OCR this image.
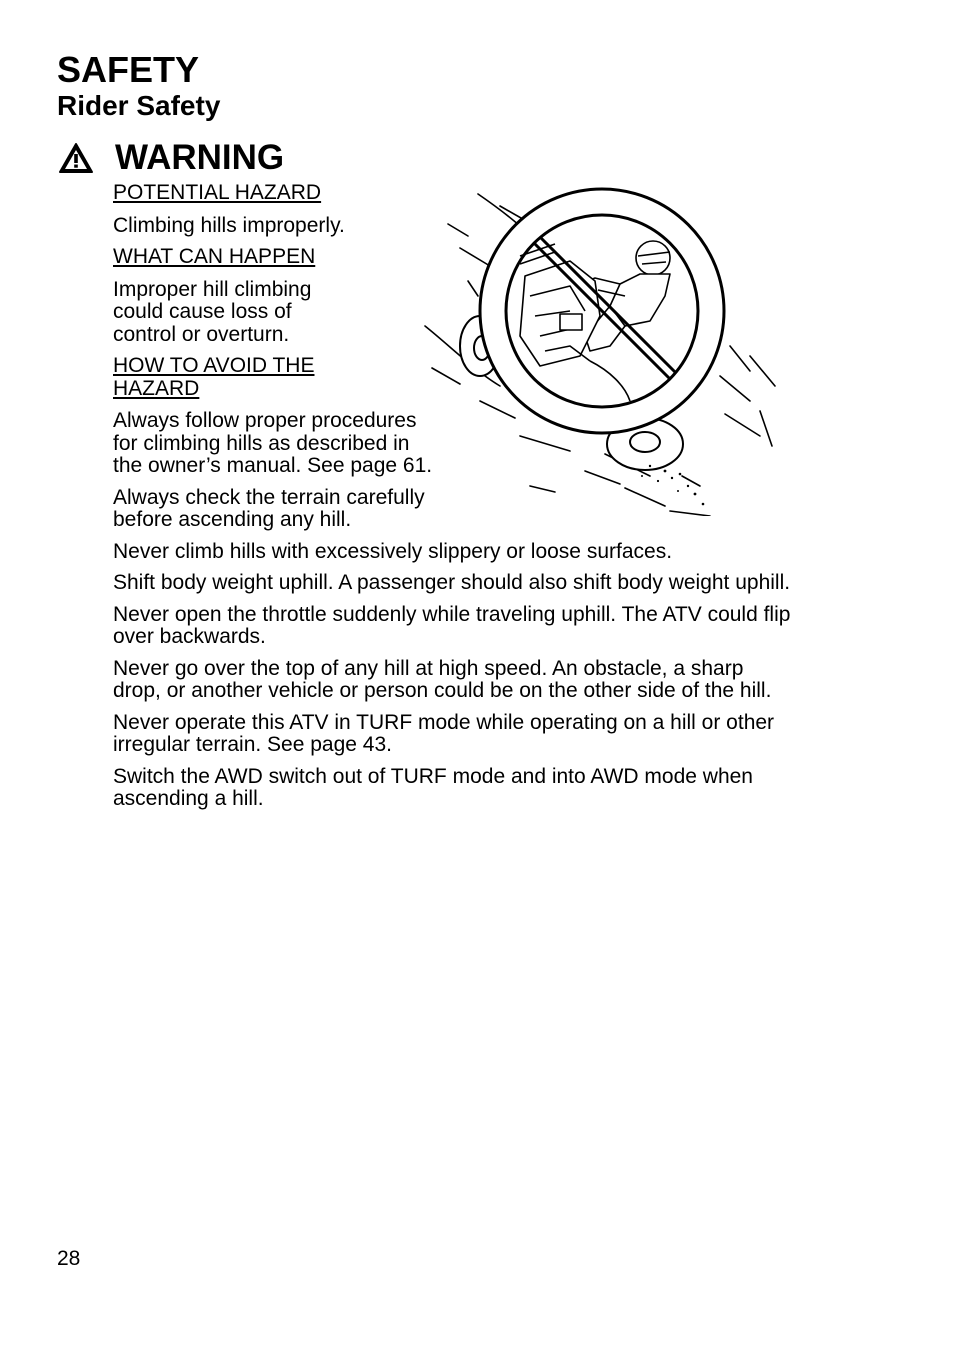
SAFETY
Rider Safety
WARNING

POTENTIAL HAZARD

Climbing hills improperly.

WHAT CAN HAPPEN

Improper hill climbing could cause loss of control or overturn.

HOW TO AVOID THE HAZARD

Always follow proper procedures for climbing hills as described in the owner’s manual. See page 61.

Always check the terrain carefully before ascending any hill.

Never climb hills with excessively slippery or loose surfaces.

Shift body weight uphill. A passenger should also shift body weight uphill.

Never open the throttle suddenly while traveling uphill. The ATV could flip over backwards.

Never go over the top of any hill at high speed. An obstacle, a sharp drop, or another vehicle or person could be on the other side of the hill.

Never operate this ATV in TURF mode while operating on a hill or other irregular terrain. See page 43.

Switch the AWD switch out of TURF mode and into AWD mode when ascending a hill.

28
